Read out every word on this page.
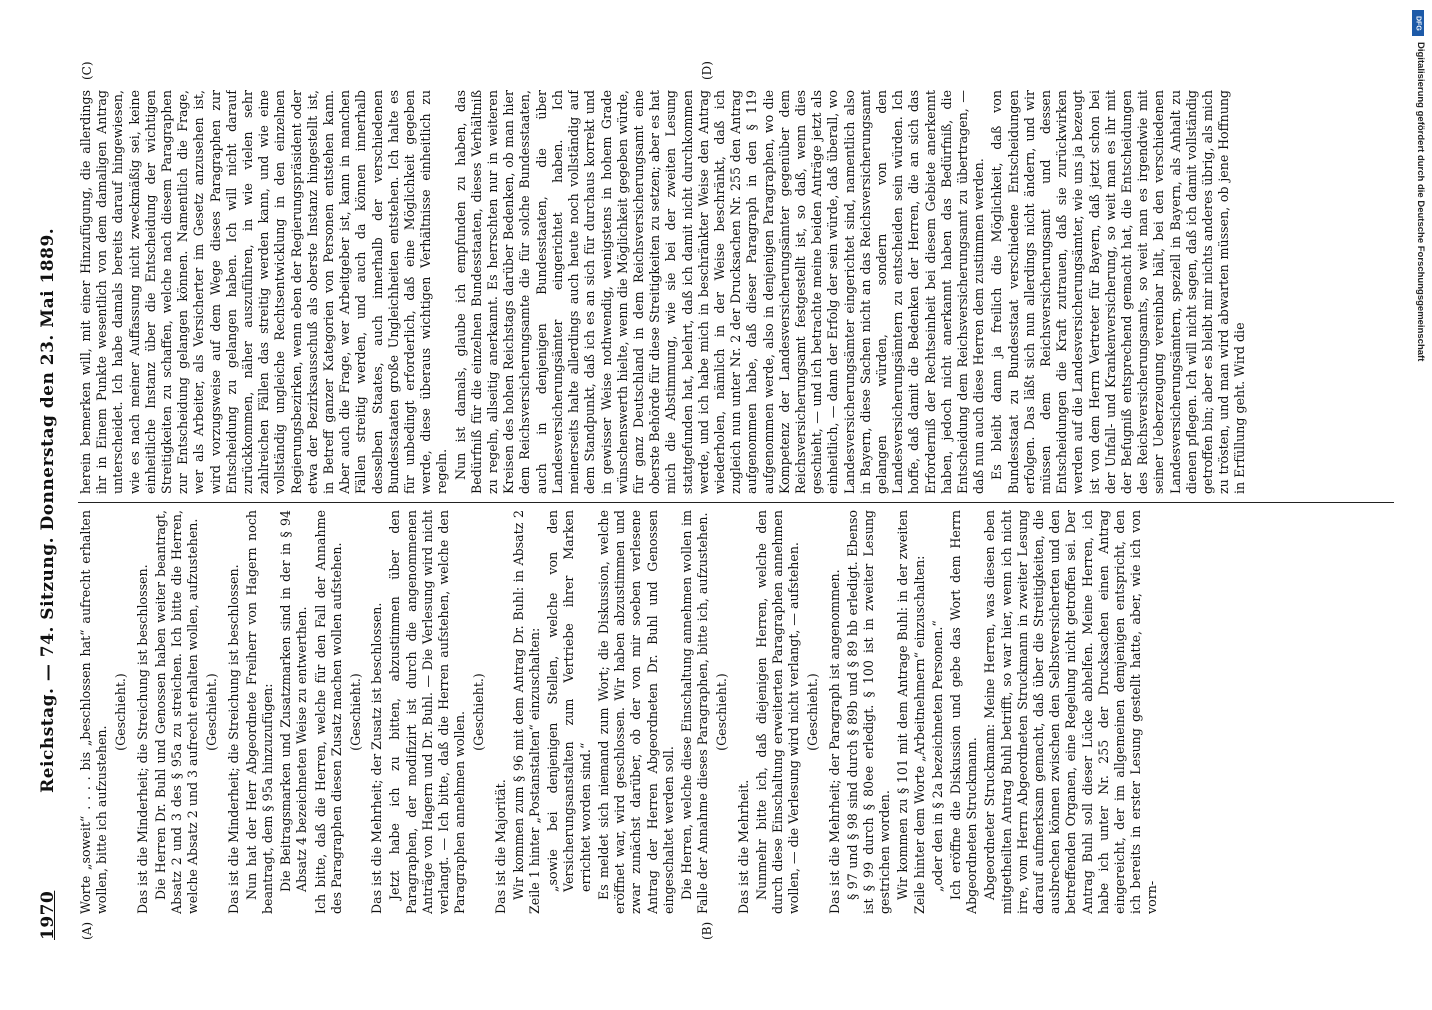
1970
Reichstag. — 74. Sitzung. Donnerstag den 23. Mai 1889.
(A)	(B)
(C)	(D)

Worte „soweit“ . . . . bis „beschlossen hat“ aufrecht erhalten wollen, bitte ich aufzustehen.

(Geschieht.) Das ist die Minderheit; die Streichung ist beschlossen. Die Herren Dr. Buhl und Genossen haben weiter beantragt, Absatz 2 und 3 des § 95a zu streichen. Ich bitte die Herren, welche Absatz 2 und 3 aufrecht erhalten wollen, aufzustehen. (Geschieht.) Das ist die Minderheit; die Streichung ist beschlossen. Nun hat der Herr Abgeordnete Freiherr von Hagern noch beantragt, dem § 95a hinzuzufügen: Die Beitragsmarken und Zusatzmarken sind in der in § 94 Absatz 4 bezeichneten Weise zu entwerthen. Ich bitte, daß die Herren, welche für den Fall der Annahme des Paragraphen diesen Zusatz machen wollen aufstehen. (Geschieht.) Das ist die Mehrheit; der Zusatz ist beschlossen. Jetzt habe ich zu bitten, abzustimmen über den Paragraphen, der modifizirt ist durch die angenommenen Anträge von Hagern und Dr. Buhl. — Die Verlesung wird nicht verlangt. — Ich bitte, daß die Herren aufstehen, welche den Paragraphen annehmen wollen. (Geschieht.)

Das ist die Majorität. Wir kommen zum § 96 mit dem Antrag Dr. Buhl: in Absatz 2 Zeile 1 hinter „Postanstalten“ einzuschalten: „sowie bei denjenigen Stellen, welche von den Versicherungsanstalten zum Vertriebe ihrer Marken errichtet worden sind.“ Es meldet sich niemand zum Wort; die Diskussion, welche eröffnet war, wird geschlossen. Wir haben abzustimmen und zwar zunächst darüber, ob der von mir soeben verlesene Antrag der Herren Abgeordneten Dr. Buhl und Genossen eingeschaltet werden soll. Die Herren, welche diese Einschaltung annehmen wollen im Falle der Annahme dieses Paragraphen, bitte ich, aufzustehen. (Geschieht.)

Das ist die Mehrheit. Nunmehr bitte ich, daß diejenigen Herren, welche den durch diese Einschaltung erweiterten Paragraphen annehmen wollen, — die Verlesung wird nicht verlangt, — aufstehen. (Geschieht.) Das ist die Mehrheit; der Paragraph ist angenommen. § 97 und § 98 sind durch § 89b und § 89 hb erledigt. Ebenso ist § 99 durch § 80ee erledigt. § 100 ist in zweiter Lesung gestrichen worden. Wir kommen zu § 101 mit dem Antrage Buhl: in der zweiten Zeile hinter dem Worte „Arbeitnehmern“ einzuschalten: „oder den in § 2a bezeichneten Personen.“ Ich eröffne die Diskussion und gebe das Wort dem Herrn Abgeordneten Struckmann. Abgeordneter Struckmann: Meine Herren, was diesen eben mitgetheilten Antrag Buhl betrifft, so war hier, wenn ich nicht irre, vom Herrn Abgeordneten Struckmann in zweiter Lesung darauf aufmerksam gemacht, daß über die Streitigkeiten, die ausbrechen können zwischen den Selbstversicherten und den betreffenden Organen, eine Regelung nicht getroffen sei. Der Antrag Buhl soll dieser Lücke abhelfen. Meine Herren, ich habe ich unter Nr. 255 der Drucksachen einen Antrag eingereicht, der im allgemeinen demjenigen entspricht, den ich bereits in erster Lesung gestellt hatte, aber, wie ich von vorn-

herein bemerken will, mit einer Hinzufügung, die allerdings ihr in Einem Punkte wesentlich von dem damaligen Antrag unterscheidet. Ich habe damals bereits darauf hingewiesen, wie es nach meiner Auffassung nicht zweckmäßig sei, keine einheitliche Instanz über die Entscheidung der wichtigen Streitigkeiten zu schaffen, welche nach diesem Paragraphen zur Entscheidung gelangen können. Namentlich die Frage, wer als Arbeiter, als Versicherter im Gesetz anzusehen ist, wird vorzugsweise auf dem Wege dieses Paragraphen zur Entscheidung zu gelangen haben. Ich will nicht darauf zurückkommen, näher auszuführen, in wie vielen sehr zahlreichen Fällen das streitig werden kann, und wie eine vollständig ungleiche Rechtsentwicklung in den einzelnen Regierungsbezirken, wenn eben der Regierungspräsident oder etwa der Bezirksausschuß als oberste Instanz hingestellt ist, in Betreff ganzer Kategorien von Personen entstehen kann. Aber auch die Frage, wer Arbeitgeber ist, kann in manchen Fällen streitig werden, und auch da können innerhalb desselben Staates, auch innerhalb der verschiedenen Bundesstaaten große Ungleichheiten entstehen. Ich halte es für unbedingt erforderlich, daß eine Möglichkeit gegeben werde, diese überaus wichtigen Verhältnisse einheitlich zu regeln. Nun ist damals, glaube ich empfunden zu haben, das Bedürfniß für die einzelnen Bundesstaaten, dieses Verhältniß zu regeln, allseitig anerkannt. Es herrschten nur in weiteren Kreisen des hohen Reichstags darüber Bedenken, ob man hier dem Reichsversicherungsamte die für solche Bundesstaaten, auch in denjenigen Bundesstaaten, die über Landesversicherungsämter eingerichtet haben. Ich meinerseits halte allerdings auch heute noch vollständig auf dem Standpunkt, daß ich es an sich für durchaus korrekt und in gewisser Weise nothwendig, wenigstens in hohem Grade wünschenswerth hielte, wenn die Möglichkeit gegeben würde, für ganz Deutschland in dem Reichsversicherungsamt eine oberste Behörde für diese Streitigkeiten zu setzen; aber es hat mich die Abstimmung, wie sie bei der zweiten Lesung stattgefunden hat, belehrt, daß ich damit nicht durchkommen werde, und ich habe mich in beschränkter Weise den Antrag wiederholen, nämlich in der Weise beschränkt, daß ich zugleich nun unter Nr. 2 der Drucksachen Nr. 255 den Antrag aufgenommen habe, daß dieser Paragraph in den § 119 aufgenommen werde, also in denjenigen Paragraphen, wo die Kompetenz der Landesversicherungsämter gegenüber dem Reichsversicherungsamt festgestellt ist, so daß, wenn dies geschieht, — und ich betrachte meine beiden Anträge jetzt als einheitlich, — dann der Erfolg der sein würde, daß überall, wo Landesversicherungsämter eingerichtet sind, namentlich also in Bayern, diese Sachen nicht an das Reichsversicherungsamt gelangen würden, sondern von den Landesversicherungsämtern zu entscheiden sein würden. Ich hoffe, daß damit die Bedenken der Herren, die an sich das Erforderniß der Rechtseinheit bei diesem Gebiete anerkennt haben, jedoch nicht anerkannt haben das Bedürfniß, die Entscheidung dem Reichsversicherungsamt zu übertragen, — daß nun auch diese Herren dem zustimmen werden. Es bleibt dann ja freilich die Möglichkeit, daß von Bundesstaat zu Bundesstaat verschiedene Entscheidungen erfolgen. Das läßt sich nun allerdings nicht ändern, und wir müssen dem Reichsversicherungsamt und dessen Entscheidungen die Kraft zutrauen, daß sie zurückwirken werden auf die Landesversicherungsämter, wie uns ja bezeugt ist von dem Herrn Vertreter für Bayern, daß jetzt schon bei der Unfall- und Krankenversicherung, so weit man es ihr mit der Befugniß entsprechend gemacht hat, die Entscheidungen des Reichsversicherungsamts, so weit man es irgendwie mit seiner Ueberzeugung vereinbar hält, bei den verschiedenen Landesversicherungsämtern, speziell in Bayern, als Anhalt zu dienen pflegen. Ich will nicht sagen, daß ich damit vollständig getroffen bin; aber es bleibt mir nichts anderes übrig, als mich zu trösten, und man wird abwarten müssen, ob jene Hoffnung in Erfüllung geht. Wird die

DFG
Digitalisierung gefördert durch die Deutsche Forschungsgemeinschaft
